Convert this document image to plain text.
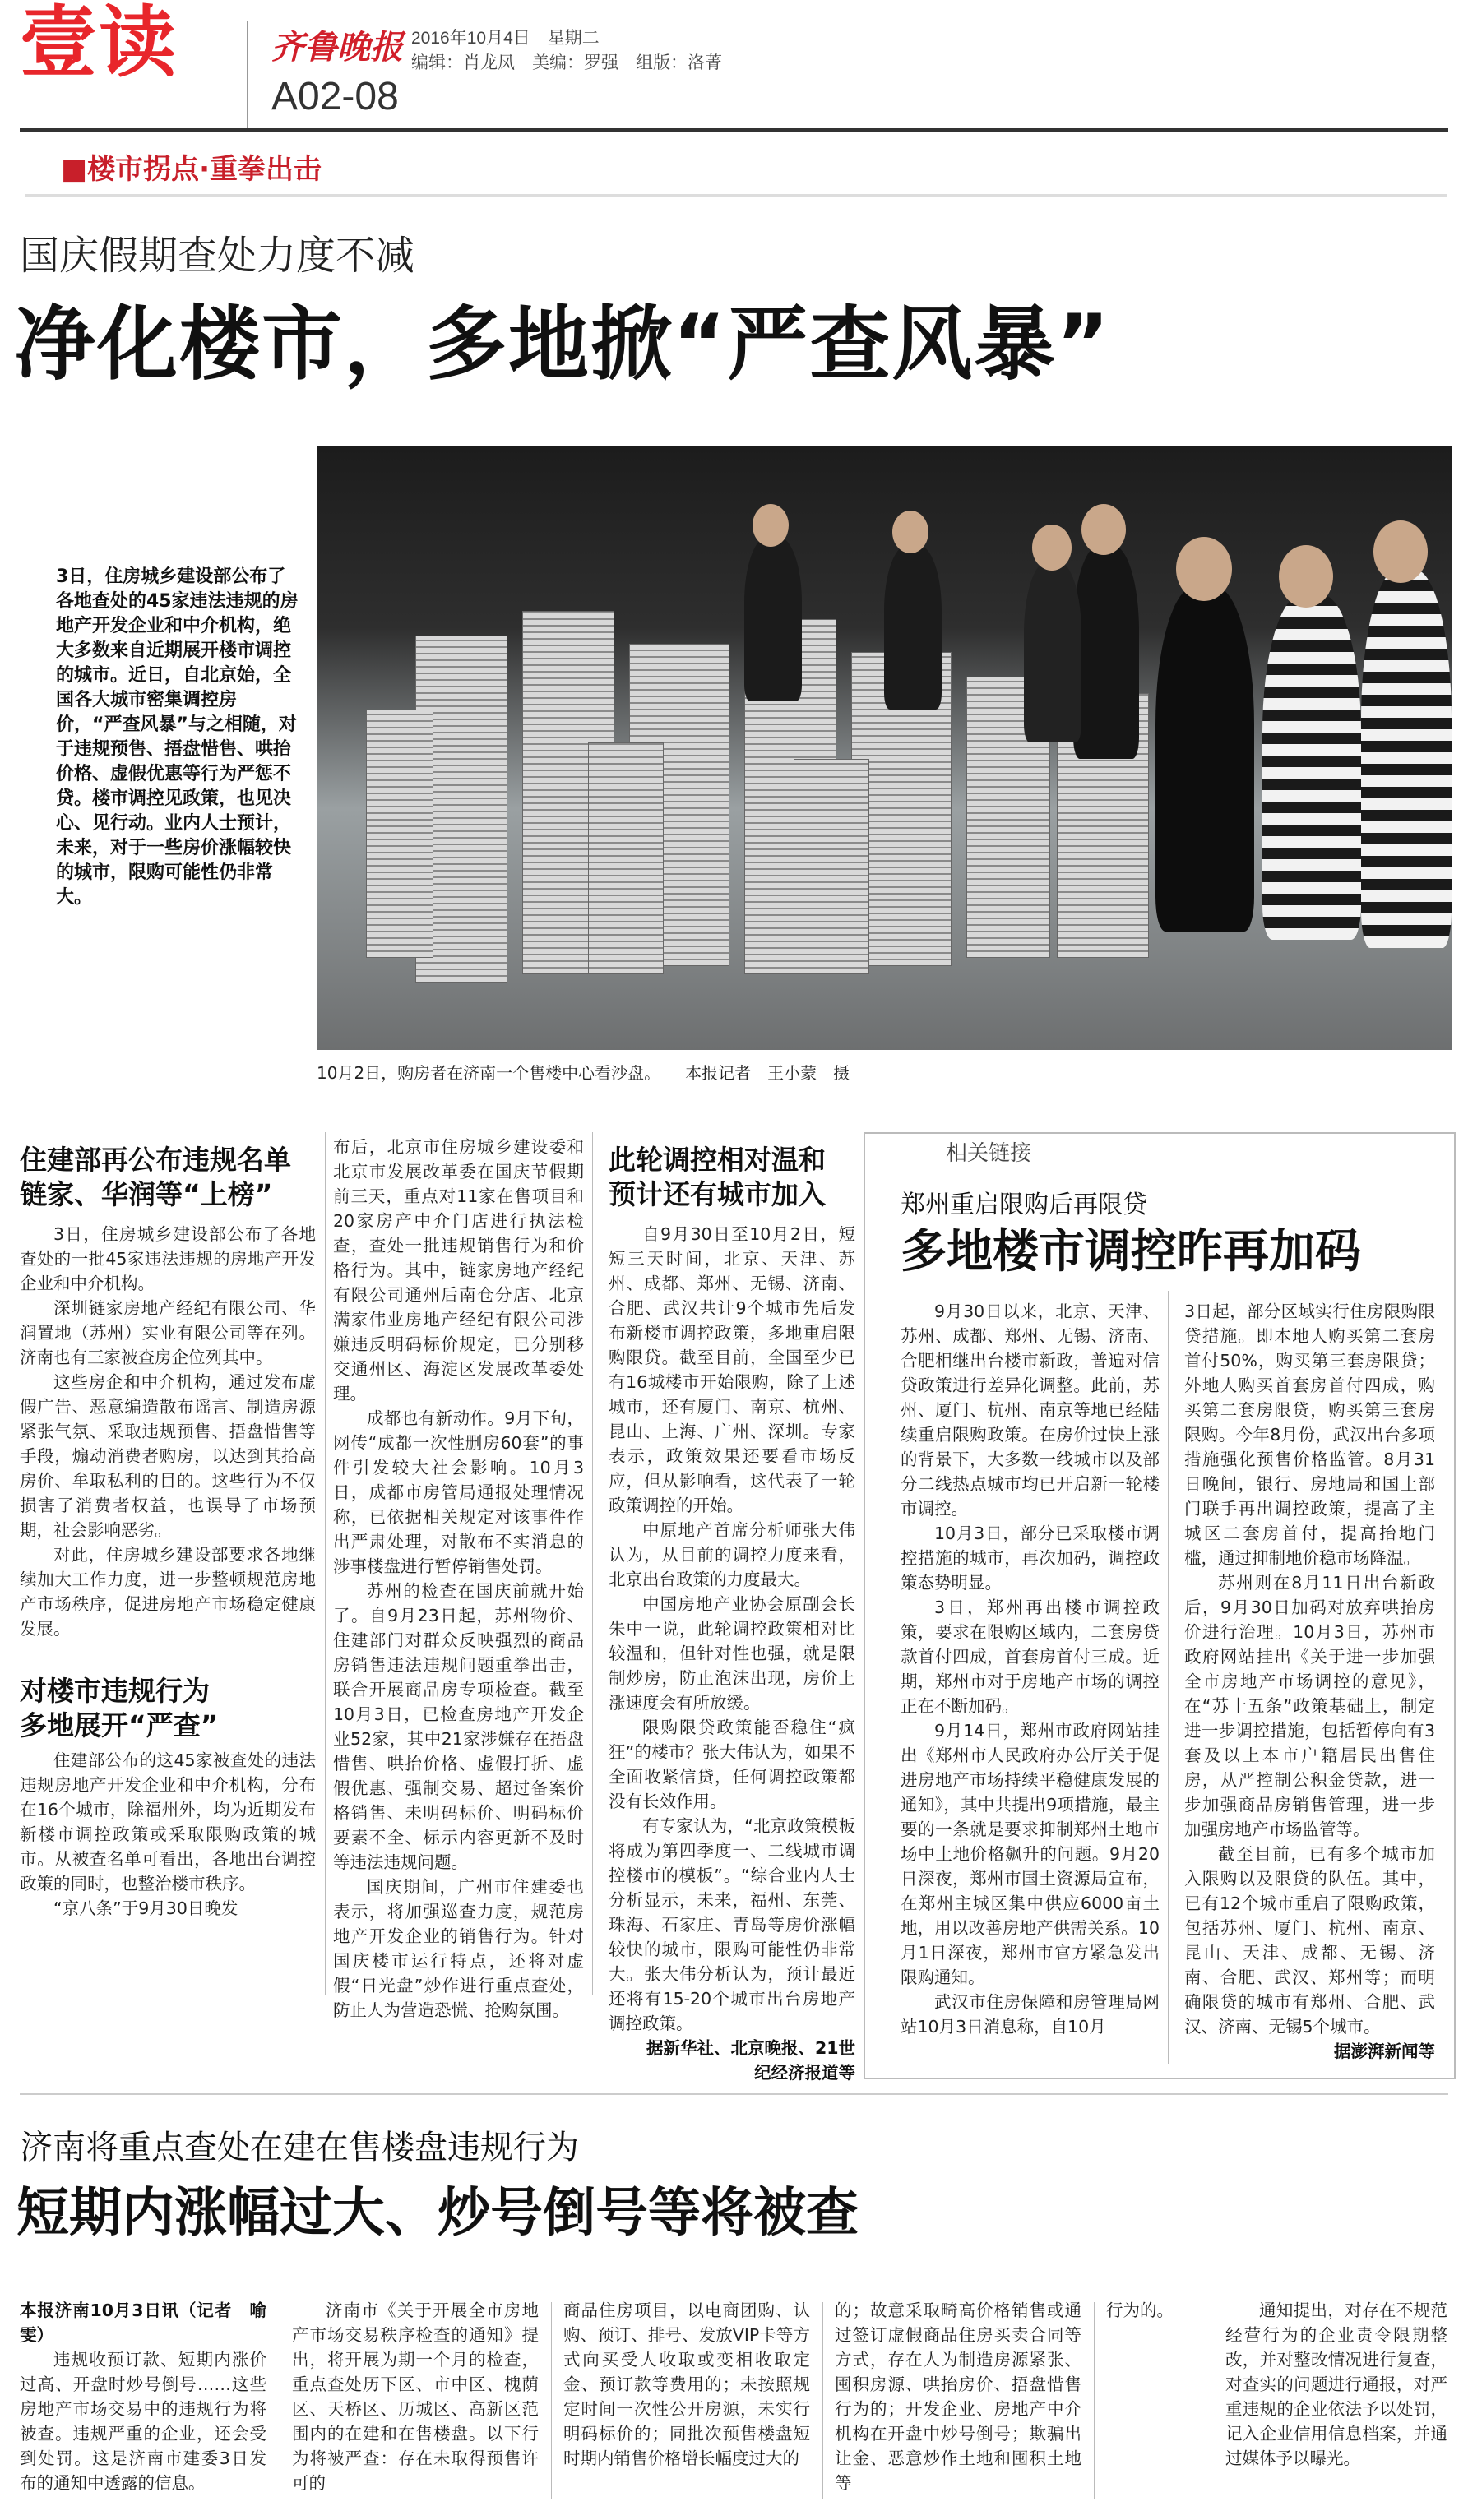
壹读	齐鲁晚报
A02-08
2016年10月4日　星期二
编辑：肖龙凤　美编：罗强　组版：洛菁
■楼市拐点·重拳出击
国庆假期查处力度不减
净化楼市，多地掀“严查风暴”
3日，住房城乡建设部公布了各地查处的45家违法违规的房地产开发企业和中介机构，绝大多数来自近期展开楼市调控的城市。近日，自北京始，全国各大城市密集调控房价，“严查风暴”与之相随，对于违规预售、捂盘惜售、哄抬价格、虚假优惠等行为严惩不贷。楼市调控见政策，也见决心、见行动。业内人士预计，未来，对于一些房价涨幅较快的城市，限购可能性仍非常大。
10月2日，购房者在济南一个售楼中心看沙盘。　　本报记者　王小蒙　摄
住建部再公布违规名单
链家、华润等“上榜”

3日，住房城乡建设部公布了各地查处的一批45家违法违规的房地产开发企业和中介机构。

深圳链家房地产经纪有限公司、华润置地（苏州）实业有限公司等在列。济南也有三家被查房企位列其中。

这些房企和中介机构，通过发布虚假广告、恶意编造散布谣言、制造房源紧张气氛、采取违规预售、捂盘惜售等手段，煽动消费者购房，以达到其抬高房价、牟取私利的目的。这些行为不仅损害了消费者权益，也误导了市场预期，社会影响恶劣。

对此，住房城乡建设部要求各地继续加大工作力度，进一步整顿规范房地产市场秩序，促进房地产市场稳定健康发展。

对楼市违规行为
多地展开“严查”

住建部公布的这45家被查处的违法违规房地产开发企业和中介机构，分布在16个城市，除福州外，均为近期发布新楼市调控政策或采取限购政策的城市。从被查名单可看出，各地出台调控政策的同时，也整治楼市秩序。

“京八条”于9月30日晚发

布后，北京市住房城乡建设委和北京市发展改革委在国庆节假期前三天，重点对11家在售项目和20家房产中介门店进行执法检查，查处一批违规销售行为和价格行为。其中，链家房地产经纪有限公司通州后南仓分店、北京满家伟业房地产经纪有限公司涉嫌违反明码标价规定，已分别移交通州区、海淀区发展改革委处理。

成都也有新动作。9月下旬，网传“成都一次性删房60套”的事件引发较大社会影响。10月3日，成都市房管局通报处理情况称，已依据相关规定对该事件作出严肃处理，对散布不实消息的涉事楼盘进行暂停销售处罚。

苏州的检查在国庆前就开始了。自9月23日起，苏州物价、住建部门对群众反映强烈的商品房销售违法违规问题重拳出击，联合开展商品房专项检查。截至10月3日，已检查房地产开发企业52家，其中21家涉嫌存在捂盘惜售、哄抬价格、虚假打折、虚假优惠、强制交易、超过备案价格销售、未明码标价、明码标价要素不全、标示内容更新不及时等违法违规问题。

国庆期间，广州市住建委也表示，将加强巡查力度，规范房地产开发企业的销售行为。针对国庆楼市运行特点，还将对虚假“日光盘”炒作进行重点查处，防止人为营造恐慌、抢购氛围。

此轮调控相对温和
预计还有城市加入

自9月30日至10月2日，短短三天时间，北京、天津、苏州、成都、郑州、无锡、济南、合肥、武汉共计9个城市先后发布新楼市调控政策，多地重启限购限贷。截至目前，全国至少已有16城楼市开始限购，除了上述城市，还有厦门、南京、杭州、昆山、上海、广州、深圳。专家表示，政策效果还要看市场反应，但从影响看，这代表了一轮政策调控的开始。

中原地产首席分析师张大伟认为，从目前的调控力度来看，北京出台政策的力度最大。

中国房地产业协会原副会长朱中一说，此轮调控政策相对比较温和，但针对性也强，就是限制炒房，防止泡沫出现，房价上涨速度会有所放缓。

限购限贷政策能否稳住“疯狂”的楼市？张大伟认为，如果不全面收紧信贷，任何调控政策都没有长效作用。

有专家认为，“北京政策模板将成为第四季度一、二线城市调控楼市的模板”。“综合业内人士分析显示，未来，福州、东莞、珠海、石家庄、青岛等房价涨幅较快的城市，限购可能性仍非常大。张大伟分析认为，预计最近还将有15-20个城市出台房地产调控政策。

据新华社、北京晚报、21世纪经济报道等

相关链接
郑州重启限购后再限贷
多地楼市调控昨再加码

9月30日以来，北京、天津、苏州、成都、郑州、无锡、济南、合肥相继出台楼市新政，普遍对信贷政策进行差异化调整。此前，苏州、厦门、杭州、南京等地已经陆续重启限购政策。在房价过快上涨的背景下，大多数一线城市以及部分二线热点城市均已开启新一轮楼市调控。

10月3日，部分已采取楼市调控措施的城市，再次加码，调控政策态势明显。

3日，郑州再出楼市调控政策，要求在限购区域内，二套房贷款首付四成，首套房首付三成。近期，郑州市对于房地产市场的调控正在不断加码。

9月14日，郑州市政府网站挂出《郑州市人民政府办公厅关于促进房地产市场持续平稳健康发展的通知》，其中共提出9项措施，最主要的一条就是要求抑制郑州土地市场中土地价格飙升的问题。9月20日深夜，郑州市国土资源局宣布，在郑州主城区集中供应6000亩土地，用以改善房地产供需关系。10月1日深夜，郑州市官方紧急发出限购通知。

武汉市住房保障和房管理局网站10月3日消息称，自10月

3日起，部分区域实行住房限购限贷措施。即本地人购买第二套房首付50%，购买第三套房限贷；外地人购买首套房首付四成，购买第二套房限贷，购买第三套房限购。今年8月份，武汉出台多项措施强化预售价格监管。8月31日晚间，银行、房地局和国土部门联手再出调控政策，提高了主城区二套房首付，提高抬地门槛，通过抑制地价稳市场降温。

苏州则在8月11日出台新政后，9月30日加码对放弃哄抬房价进行治理。10月3日，苏州市政府网站挂出《关于进一步加强全市房地产市场调控的意见》，在“苏十五条”政策基础上，制定进一步调控措施，包括暂停向有3套及以上本市户籍居民出售住房，从严控制公积金贷款，进一步加强商品房销售管理，进一步加强房地产市场监管等。

截至目前，已有多个城市加入限购以及限贷的队伍。其中，已有12个城市重启了限购政策，包括苏州、厦门、杭州、南京、昆山、天津、成都、无锡、济南、合肥、武汉、郑州等；而明确限贷的城市有郑州、合肥、武汉、济南、无锡5个城市。

据澎湃新闻等

济南将重点查处在建在售楼盘违规行为
短期内涨幅过大、炒号倒号等将被查

本报济南10月3日讯（记者　喻雯）

违规收预订款、短期内涨价过高、开盘时炒号倒号……这些房地产市场交易中的违规行为将被查。违规严重的企业，还会受到处罚。这是济南市建委3日发布的通知中透露的信息。

济南市《关于开展全市房地产市场交易秩序检查的通知》提出，将开展为期一个月的检查，重点查处历下区、市中区、槐荫区、天桥区、历城区、高新区范围内的在建和在售楼盘。以下行为将被严查：存在未取得预售许可的

商品住房项目，以电商团购、认购、预订、排号、发放VIP卡等方式向买受人收取或变相收取定金、预订款等费用的；未按照规定时间一次性公开房源，未实行明码标价的；同批次预售楼盘短时期内销售价格增长幅度过大的

的；故意采取畸高价格销售或通过签订虚假商品住房买卖合同等方式，存在人为制造房源紧张、囤积房源、哄抬房价、捂盘惜售行为的；开发企业、房地产中介机构在开盘中炒号倒号；欺骗出让金、恶意炒作土地和囤积土地等

行为的。	通知提出，对存在不规范经营行为的企业责令限期整改，并对整改情况进行复查，对查实的问题进行通报，对严重违规的企业依法予以处罚，记入企业信用信息档案，并通过媒体予以曝光。
